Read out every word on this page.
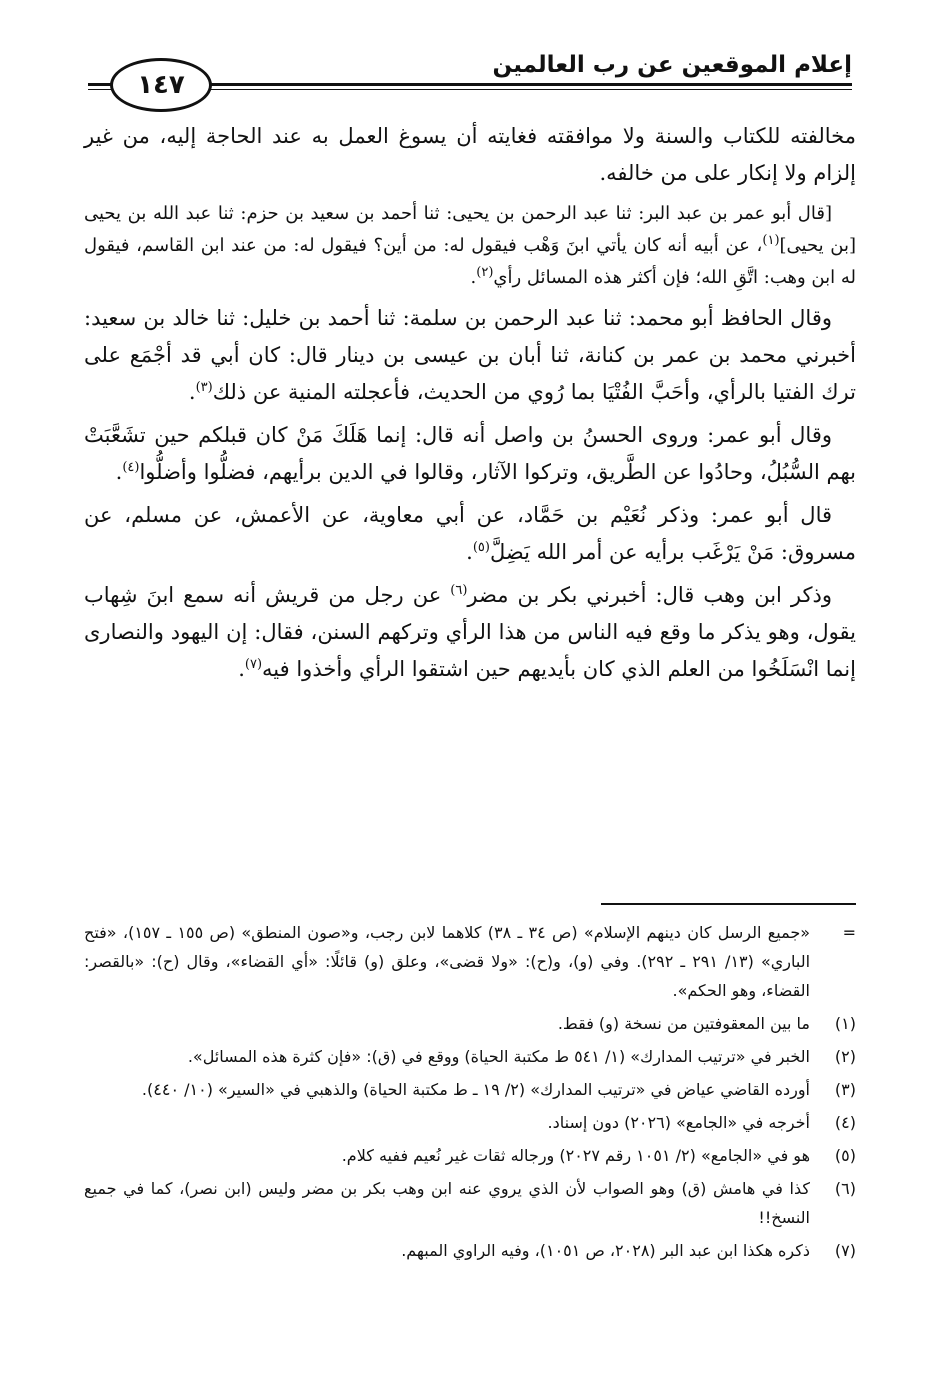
إعلام الموقعين عن رب العالمين
١٤٧

مخالفته للكتاب والسنة ولا موافقته فغايته أن يسوغ العمل به عند الحاجة إليه، من غير إلزام ولا إنكار على من خالفه.

[قال أبو عمر بن عبد البر: ثنا عبد الرحمن بن يحيى: ثنا أحمد بن سعيد بن حزم: ثنا عبد الله بن يحيى [بن يحيى]$^{(١)}$، عن أبيه أنه كان يأتي ابنَ وَهْب فيقول له: من أين؟ فيقول له: من عند ابن القاسم، فيقول له ابن وهب: اتَّقِ الله؛ فإن أكثر هذه المسائل رأي$^{(٢)}$.

وقال الحافظ أبو محمد: ثنا عبد الرحمن بن سلمة: ثنا أحمد بن خليل: ثنا خالد بن سعيد: أخبرني محمد بن عمر بن كنانة، ثنا أبان بن عيسى بن دينار قال: كان أبي قد أجْمَع على ترك الفتيا بالرأي، وأحَبَّ الفُتْيَا بما رُوي من الحديث، فأعجلته المنية عن ذلك$^{(٣)}$.

وقال أبو عمر: وروى الحسنُ بن واصل أنه قال: إنما هَلَكَ مَنْ كان قبلكم حين تشَعَّبَتْ بهم السُّبُلُ، وحادُوا عن الطَّريق، وتركوا الآثار، وقالوا في الدين برأيهم، فضلُّوا وأضلُّوا$^{(٤)}$.

قال أبو عمر: وذكر نُعَيْم بن حَمَّاد، عن أبي معاوية، عن الأعمش، عن مسلم، عن مسروق: مَنْ يَرْغَب برأيه عن أمر الله يَضِلَّ$^{(٥)}$.

وذكر ابن وهب قال: أخبرني بكر بن مضر$^{(٦)}$ عن رجل من قريش أنه سمع ابنَ شِهاب يقول، وهو يذكر ما وقع فيه الناس من هذا الرأي وتركهم السنن، فقال: إن اليهود والنصارى إنما انْسَلَخُوا من العلم الذي كان بأيديهم حين اشتقوا الرأي وأخذوا فيه$^{(٧)}$.

=
«جميع الرسل كان دينهم الإسلام» (ص ٣٤ ـ ٣٨) كلاهما لابن رجب، و«صون المنطق» (ص ١٥٥ ـ ١٥٧)، «فتح الباري» (١٣/ ٢٩١ ـ ٢٩٢). وفي (و)، و(ح): «ولا قضى»، وعلق (و) قائلًا: «أي القضاء»، وقال (ح): «بالقصر: القضاء، وهو الحكم».
(١)
ما بين المعقوفتين من نسخة (و) فقط.
(٢)
الخبر في «ترتيب المدارك» (١/ ٥٤١ ط مكتبة الحياة) ووقع في (ق): «فإن كثرة هذه المسائل».
(٣)
أورده القاضي عياض في «ترتيب المدارك» (٢/ ١٩ ـ ط مكتبة الحياة) والذهبي في «السير» (١٠/ ٤٤٠).
(٤)
أخرجه في «الجامع» (٢٠٢٦) دون إسناد.
(٥)
هو في «الجامع» (٢/ ١٠٥١ رقم ٢٠٢٧) ورجاله ثقات غير نُعيم ففيه كلام.
(٦)
كذا في هامش (ق) وهو الصواب لأن الذي يروي عنه ابن وهب بكر بن مضر وليس (ابن نصر)، كما في جميع النسخ!!
(٧)
ذكره هكذا ابن عبد البر (٢٠٢٨، ص ١٠٥١)، وفيه الراوي المبهم.
